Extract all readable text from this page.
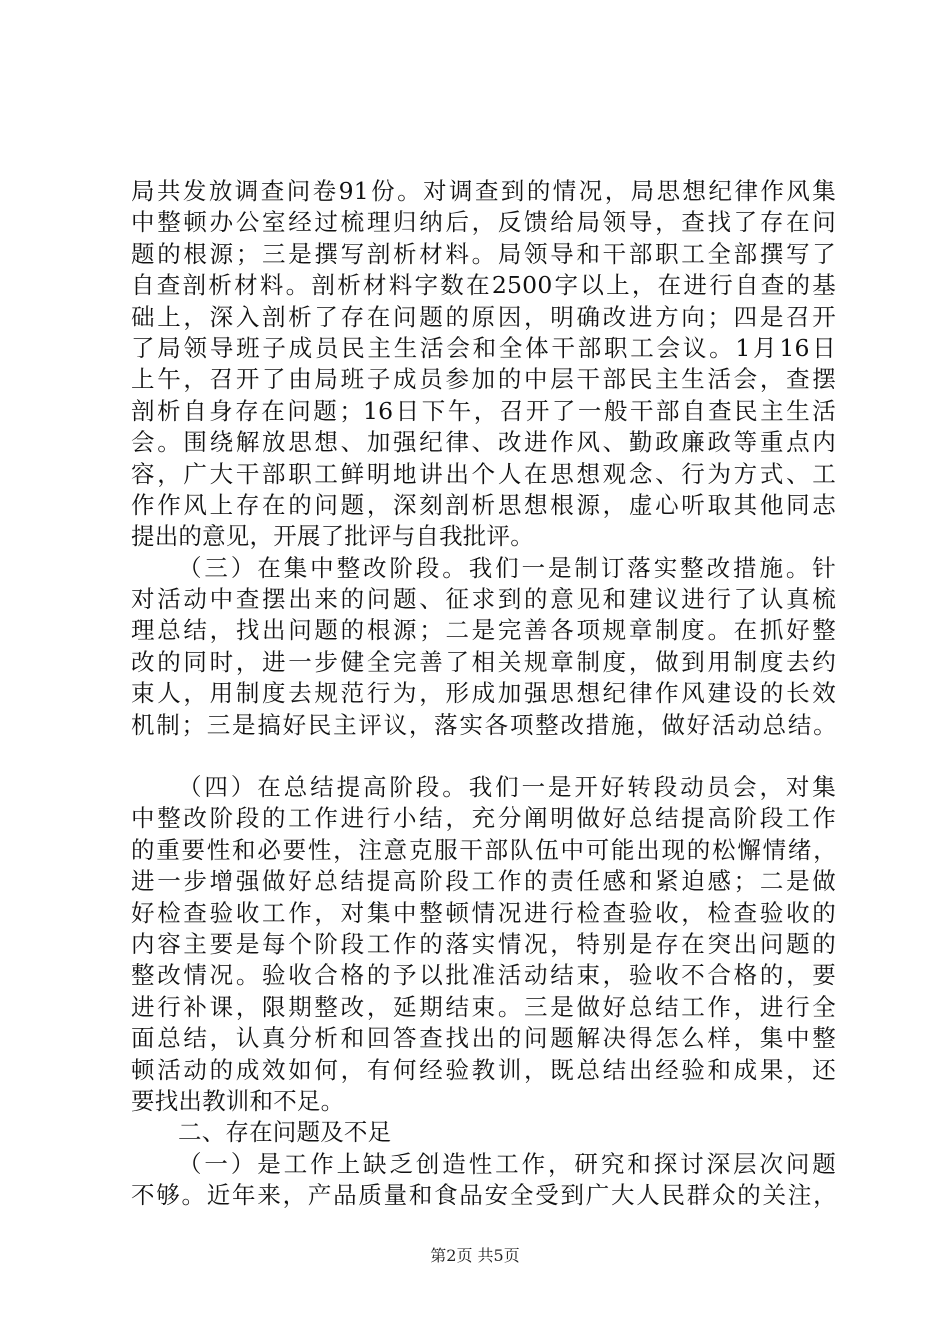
局共发放调查问卷91份。对调查到的情况，局思想纪律作风集
中整顿办公室经过梳理归纳后，反馈给局领导，查找了存在问
题的根源；三是撰写剖析材料。局领导和干部职工全部撰写了
自查剖析材料。剖析材料字数在2500字以上，在进行自查的基
础上，深入剖析了存在问题的原因，明确改进方向；四是召开
了局领导班子成员民主生活会和全体干部职工会议。1月16日
上午，召开了由局班子成员参加的中层干部民主生活会，查摆
剖析自身存在问题；16日下午，召开了一般干部自查民主生活
会。围绕解放思想、加强纪律、改进作风、勤政廉政等重点内
容，广大干部职工鲜明地讲出个人在思想观念、行为方式、工
作作风上存在的问题，深刻剖析思想根源，虚心听取其他同志
提出的意见，开展了批评与自我批评。
（三）在集中整改阶段。我们一是制订落实整改措施。针
对活动中查摆出来的问题、征求到的意见和建议进行了认真梳
理总结，找出问题的根源；二是完善各项规章制度。在抓好整
改的同时，进一步健全完善了相关规章制度，做到用制度去约
束人，用制度去规范行为，形成加强思想纪律作风建设的长效
机制；三是搞好民主评议，落实各项整改措施，做好活动总结。
（四）在总结提高阶段。我们一是开好转段动员会，对集
中整改阶段的工作进行小结，充分阐明做好总结提高阶段工作
的重要性和必要性，注意克服干部队伍中可能出现的松懈情绪，
进一步增强做好总结提高阶段工作的责任感和紧迫感；二是做
好检查验收工作，对集中整顿情况进行检查验收，检查验收的
内容主要是每个阶段工作的落实情况，特别是存在突出问题的
整改情况。验收合格的予以批准活动结束，验收不合格的，要
进行补课，限期整改，延期结束。三是做好总结工作，进行全
面总结，认真分析和回答查找出的问题解决得怎么样，集中整
顿活动的成效如何，有何经验教训，既总结出经验和成果，还
要找出教训和不足。
二、存在问题及不足
（一）是工作上缺乏创造性工作，研究和探讨深层次问题
不够。近年来，产品质量和食品安全受到广大人民群众的关注，
第2页 共5页
